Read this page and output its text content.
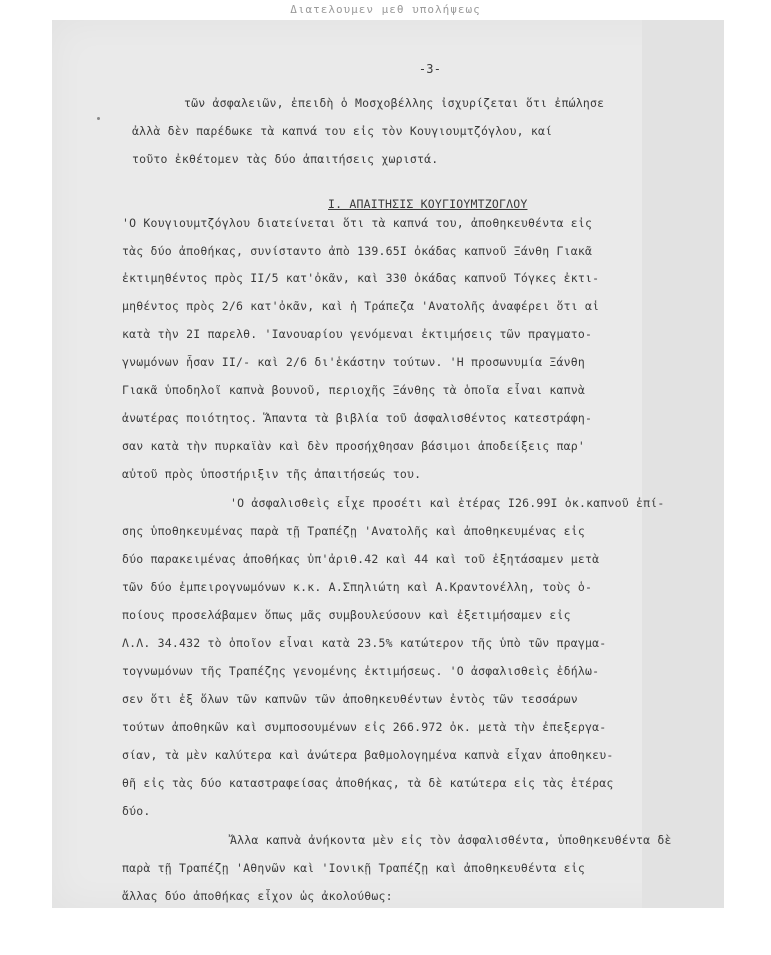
Διατελουμεν μεθ υπολήψεως
-3-
τῶν ἀσφαλειῶν, ἐπειδὴ ὁ Μοσχοβέλλης ἰσχυρίζεται ὅτι ἐπώλησε
ἀλλὰ δὲν παρέδωκε τὰ καπνά του εἰς τὸν Κουγιουμτζόγλου, καί
τοῦτο ἐκθέτομεν τὰς δύο ἀπαιτήσεις χωριστά.
Ι. ΑΠΑΙΤΗΣΙΣ ΚΟΥΓΙΟΥΜΤΖΟΓΛΟΥ
'Ο Κουγιουμτζόγλου διατείνεται ὅτι τὰ καπνά του, ἀποθηκευθέντα εἰς
τὰς δύο ἀποθήκας, συνίσταντο ἀπὸ 139.65Ι ὀκάδας καπνοῦ Ξάνθη Γιακᾶ
ἐκτιμηθέντος πρὸς ΙΙ/5 κατ'ὀκᾶν, καὶ 330 ὀκάδας καπνοῦ Τόγκες ἐκτι-
μηθέντος πρὸς 2/6 κατ'ὀκᾶν, καὶ ἡ Τράπεζα 'Ανατολῆς ἀναφέρει ὅτι αἱ
κατὰ τὴν 2Ι παρελθ. 'Ιανουαρίου γενόμεναι ἐκτιμήσεις τῶν πραγματο-
γνωμόνων ἦσαν ΙΙ/- καὶ 2/6 δι'ἑκάστην τούτων. 'Η προσωνυμία Ξάνθη
Γιακᾶ ὑποδηλοῖ καπνὰ βουνοῦ, περιοχῆς Ξάνθης τὰ ὁποῖα εἶναι καπνὰ
ἀνωτέρας ποιότητος. Ἅπαντα τὰ βιβλία τοῦ ἀσφαλισθέντος κατεστράφη-
σαν κατὰ τὴν πυρκαϊὰν καὶ δὲν προσήχθησαν βάσιμοι ἀποδείξεις παρ'
αὐτοῦ πρὸς ὑποστήριξιν τῆς ἀπαιτήσεώς του.
'Ο ἀσφαλισθεὶς εἶχε προσέτι καὶ ἑτέρας Ι26.99Ι ὀκ.καπνοῦ ἐπί-
σης ὑποθηκευμένας παρὰ τῇ Τραπέζῃ 'Ανατολῆς καὶ ἀποθηκευμένας εἰς
δύο παρακειμένας ἀποθήκας ὑπ'ἀριθ.42 καὶ 44 καὶ τοῦ ἐξητάσαμεν μετὰ
τῶν δύο ἐμπειρογνωμόνων κ.κ. Α.Σπηλιώτη καὶ Α.Κραντονέλλη, τοὺς ὁ-
ποίους προσελάβαμεν ὅπως μᾶς συμβουλεύσουν καὶ ἐξετιμήσαμεν εἰς
Λ.Λ. 34.432 τὸ ὁποῖον εἶναι κατὰ 23.5% κατώτερον τῆς ὑπὸ τῶν πραγμα-
τογνωμόνων τῆς Τραπέζης γενομένης ἐκτιμήσεως. 'Ο ἀσφαλισθεὶς ἐδήλω-
σεν ὅτι ἐξ ὅλων τῶν καπνῶν τῶν ἀποθηκευθέντων ἐντὸς τῶν τεσσάρων
τούτων ἀποθηκῶν καὶ συμποσουμένων εἰς 266.972 ὀκ. μετὰ τὴν ἐπεξεργα-
σίαν, τὰ μὲν καλύτερα καὶ ἀνώτερα βαθμολογημένα καπνὰ εἶχαν ἀποθηκευ-
θῆ εἰς τὰς δύο καταστραφείσας ἀποθήκας, τὰ δὲ κατώτερα εἰς τὰς ἑτέρας
δύο.
Ἄλλα καπνὰ ἀνήκοντα μὲν εἰς τὸν ἀσφαλισθέντα, ὑποθηκευθέντα δὲ
παρὰ τῇ Τραπέζῃ 'Αθηνῶν καὶ 'Ιονικῇ Τραπέζῃ καὶ ἀποθηκευθέντα εἰς
ἄλλας δύο ἀποθήκας εἶχον ὡς ἀκολούθως:
